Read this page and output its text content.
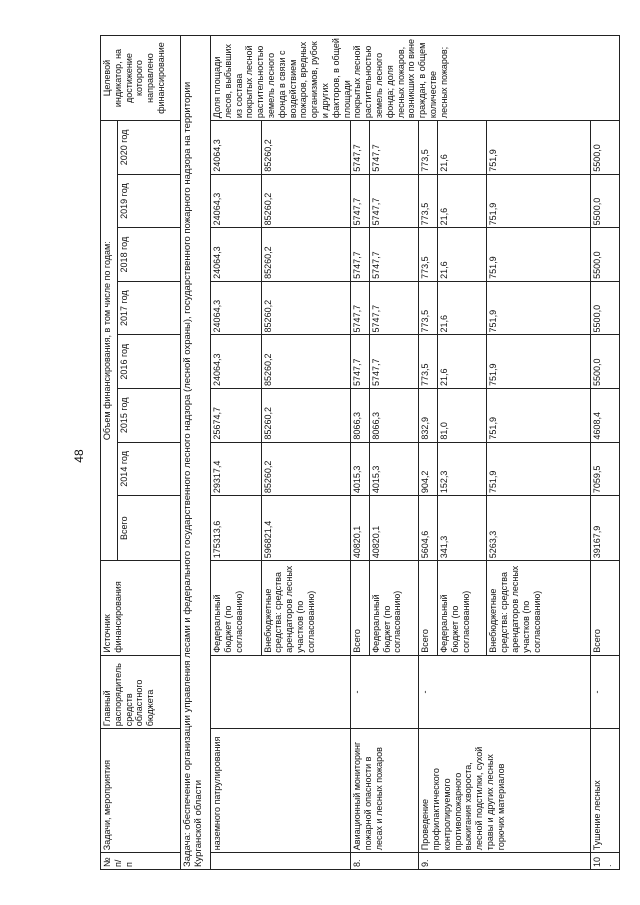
48
№ п/п	Задачи, мероприятия	Главный распорядитель средств областного бюджета	Источник финансирования	Объем финансирования, в том числе по годам:								Целевой индикатор, на достижение которого направлено финансирование
				Всего	2014 год	2015 год	2016 год	2017 год	2018 год	2019 год	2020 год	
Задача: обеспечение организации управления лесами и федерального государственного лесного надзора (лесной охраны), государственного пожарного надзора на территории Курганской области												
	наземного патрулирования		Федеральный бюджет (по согласованию)	175313,6	29317,4	25674,7	24064,3	24064,3	24064,3	24064,3	24064,3	Доля площади лесов, выбывших из состава покрытых лесной растительностью земель лесного фонда в связи с воздействием пожаров, вредных организмов, рубок и других факторов, в общей площади покрытых лесной растительностью земель лесного фонда; доля лесных пожаров, возникших по вине граждан, в общем количестве лесных пожаров;
			Внебюджетные средства: средства арендаторов лесных участков (по согласованию)	596821,4	85260,2	85260,2	85260,2	85260,2	85260,2	85260,2	85260,2	
8.	Авиационный мониторинг пожарной опасности в лесах и лесных пожаров	-	Всего	40820,1	4015,3	8066,3	5747,7	5747,7	5747,7	5747,7	5747,7	
			Федеральный бюджет (по согласованию)	40820,1	4015,3	8066,3	5747,7	5747,7	5747,7	5747,7	5747,7	
9.	Проведение профилактического контролируемого противопожарного выжигания хвороста, лесной подстилки, сухой травы и других лесных горючих материалов	-	Всего	5604,6	904,2	832,9	773,5	773,5	773,5	773,5	773,5	
			Федеральный бюджет (по согласованию)	341,3	152,3	81,0	21,6	21,6	21,6	21,6	21,6	
			Внебюджетные средства: средства арендаторов лесных участков (по согласованию)	5263,3	751,9	751,9	751,9	751,9	751,9	751,9	751,9	
10.	Тушение лесных	-	Всего	39167,9	7059,5	4608,4	5500,0	5500,0	5500,0	5500,0	5500,0	
